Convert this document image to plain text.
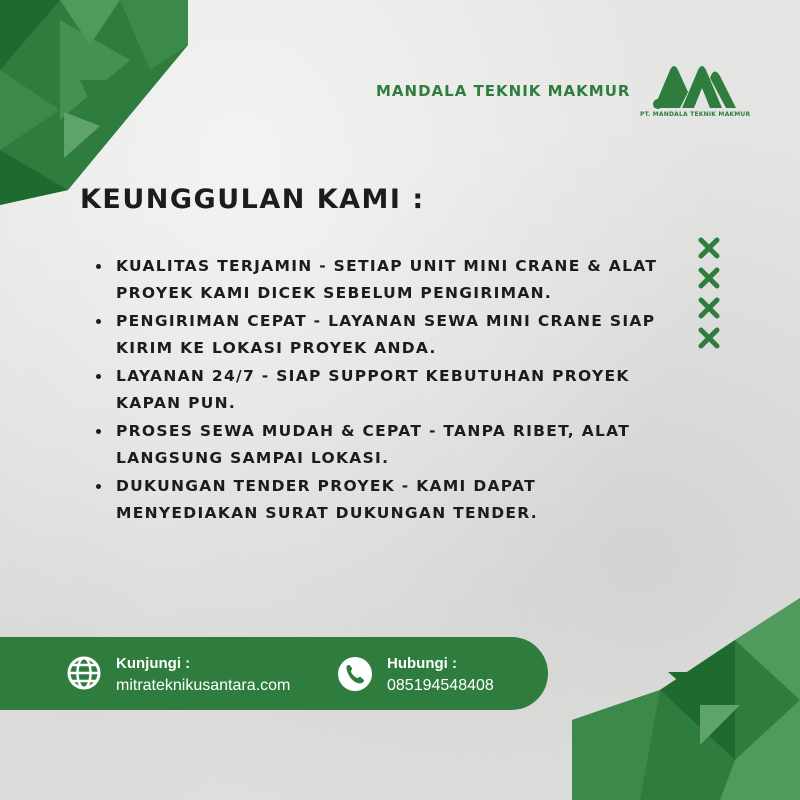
MANDALA TEKNIK MAKMUR
PT. MANDALA TEKNIK MAKMUR
KEUNGGULAN KAMI :
KUALITAS TERJAMIN - SETIAP UNIT MINI CRANE & ALAT PROYEK KAMI DICEK SEBELUM PENGIRIMAN.
PENGIRIMAN CEPAT - LAYANAN SEWA MINI CRANE SIAP KIRIM KE LOKASI PROYEK ANDA.
LAYANAN 24/7 - SIAP SUPPORT KEBUTUHAN PROYEK KAPAN PUN.
PROSES SEWA MUDAH & CEPAT - TANPA RIBET, ALAT LANGSUNG SAMPAI LOKASI.
DUKUNGAN TENDER PROYEK - KAMI DAPAT MENYEDIAKAN SURAT DUKUNGAN TENDER.
Kunjungi :
mitrateknikusantara.com
Hubungi :
085194548408
